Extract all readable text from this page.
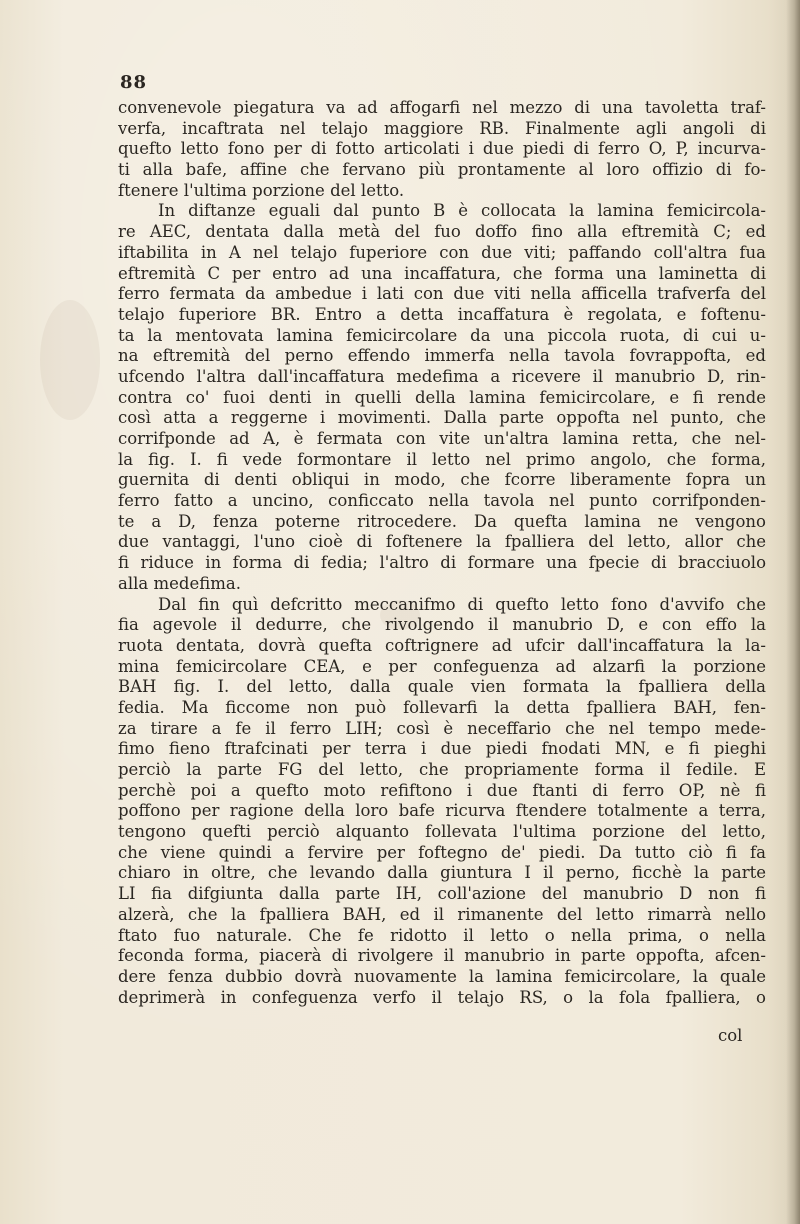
88
convenevole piegatura va ad affogarfi nel mezzo di una tavoletta traf-
verfa, incaftrata nel telajo maggiore RB. Finalmente agli angoli di
quefto letto fono per di fotto articolati i due piedi di ferro O, P, incurva-
ti alla bafe, affine che fervano più prontamente al loro offizio di fo-
ftenere l'ultima porzione del letto.
In diftanze eguali dal punto B è collocata la lamina femicircola-
re AEC, dentata dalla metà del fuo doffo fino alla eftremità C; ed
iftabilita in A nel telajo fuperiore con due viti; paffando coll'altra fua
eftremità C per entro ad una incaffatura, che forma una laminetta di
ferro fermata da ambedue i lati con due viti nella afficella trafverfa del
telajo fuperiore BR. Entro a detta incaffatura è regolata, e foftenu-
ta la mentovata lamina femicircolare da una piccola ruota, di cui u-
na eftremità del perno effendo immerfa nella tavola fovrappofta, ed
ufcendo l'altra dall'incaffatura medefima a ricevere il manubrio D, rin-
contra co' fuoi denti in quelli della lamina femicircolare, e fi rende
così atta a reggerne i movimenti. Dalla parte oppofta nel punto, che
corrifponde ad A, è fermata con vite un'altra lamina retta, che nel-
la fig. I. fi vede formontare il letto nel primo angolo, che forma,
guernita di denti obliqui in modo, che fcorre liberamente fopra un
ferro fatto a uncino, conficcato nella tavola nel punto corrifponden-
te a D, fenza poterne ritrocedere. Da quefta lamina ne vengono
due vantaggi, l'uno cioè di foftenere la fpalliera del letto, allor che
fi riduce in forma di fedia; l'altro di formare una fpecie di bracciuolo
alla medefima.
Dal fin quì defcritto meccanifmo di quefto letto fono d'avvifo che
fia agevole il dedurre, che rivolgendo il manubrio D, e con effo la
ruota dentata, dovrà quefta coftrignere ad ufcir dall'incaffatura la la-
mina femicircolare CEA, e per confeguenza ad alzarfi la porzione
BAH fig. I. del letto, dalla quale vien formata la fpalliera della
fedia. Ma ficcome non può follevarfi la detta fpalliera BAH, fen-
za tirare a fe il ferro LIH; così è neceffario che nel tempo mede-
fimo fieno ftrafcinati per terra i due piedi fnodati MN, e fi pieghi
perciò la parte FG del letto, che propriamente forma il fedile. E
perchè poi a quefto moto refiftono i due ftanti di ferro OP, nè fi
poffono per ragione della loro bafe ricurva ftendere totalmente a terra,
tengono quefti perciò alquanto follevata l'ultima porzione del letto,
che viene quindi a fervire per foftegno de' piedi. Da tutto ciò fi fa
chiaro in oltre, che levando dalla giuntura I il perno, ficchè la parte
LI fia difgiunta dalla parte IH, coll'azione del manubrio D non fi
alzerà, che la fpalliera BAH, ed il rimanente del letto rimarrà nello
ftato fuo naturale. Che fe ridotto il letto o nella prima, o nella
feconda forma, piacerà di rivolgere il manubrio in parte oppofta, afcen-
dere fenza dubbio dovrà nuovamente la lamina femicircolare, la quale
deprimerà in confeguenza verfo il telajo RS, o la fola fpalliera, o
col
